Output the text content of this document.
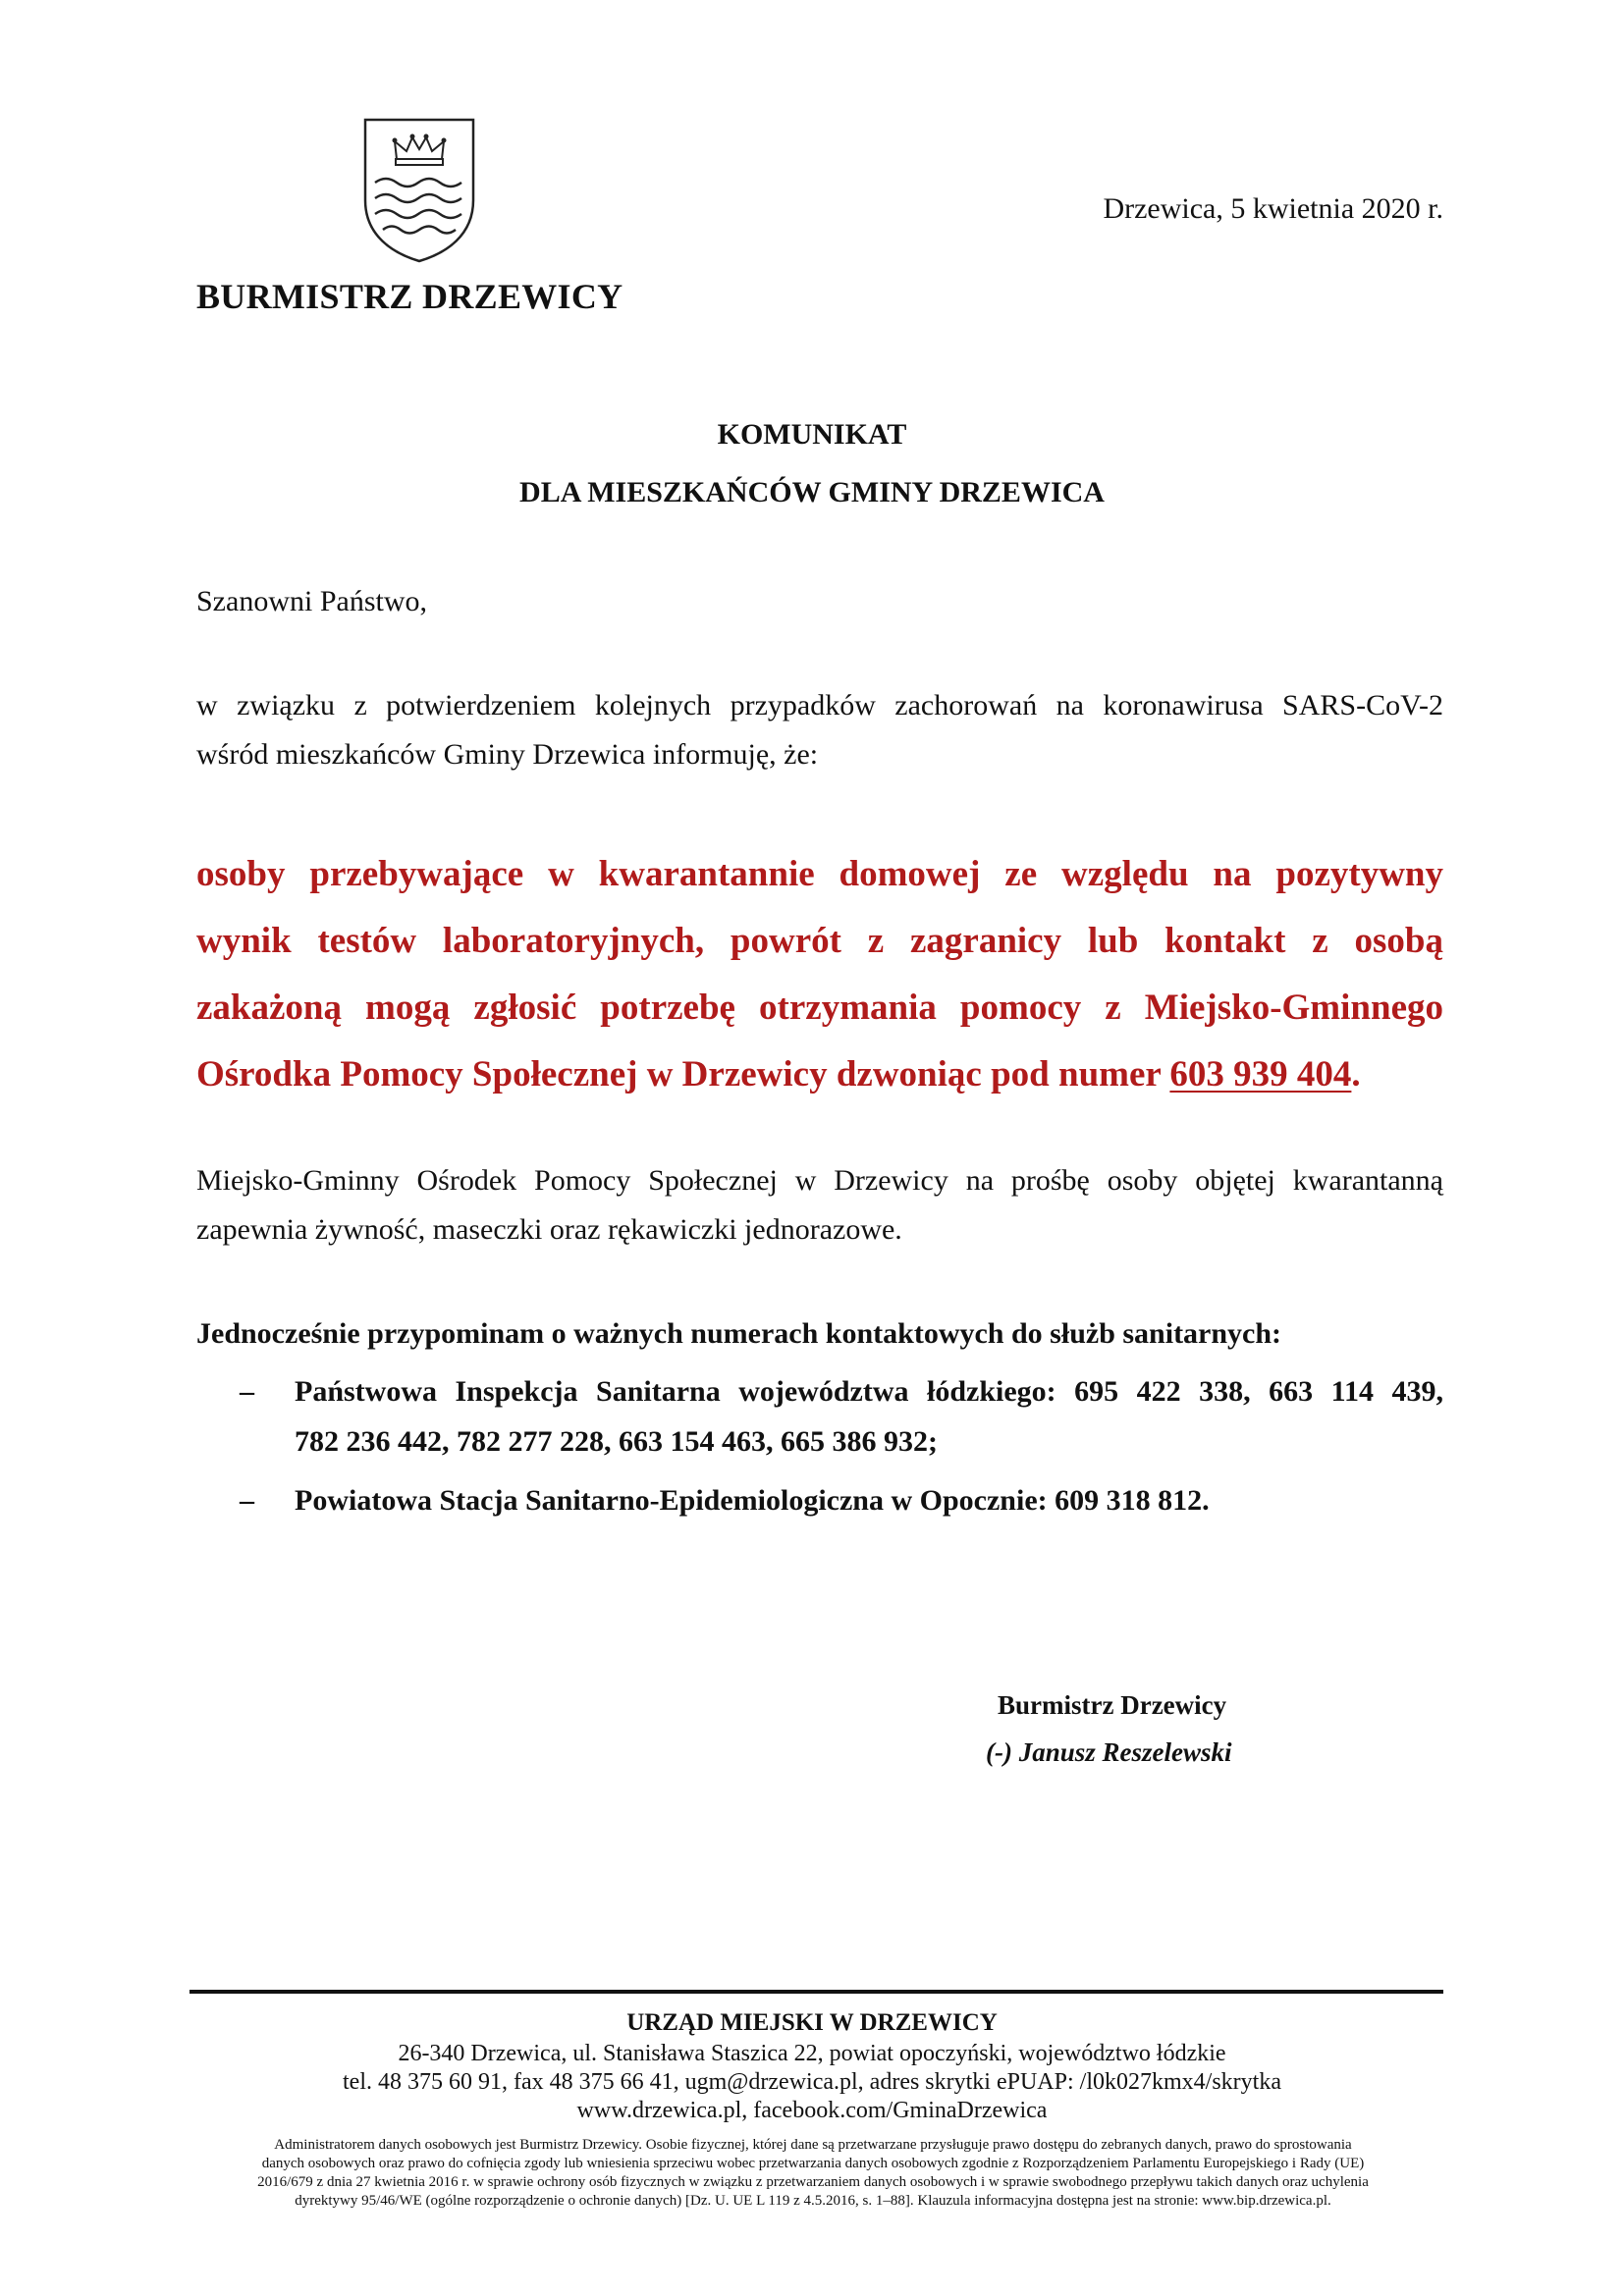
Drzewica, 5 kwietnia 2020 r.
BURMISTRZ DRZEWICY
KOMUNIKAT
DLA MIESZKAŃCÓW GMINY DRZEWICA
Szanowni Państwo,
w związku z potwierdzeniem kolejnych przypadków zachorowań na koronawirusa SARS-CoV-2
wśród mieszkańców Gminy Drzewica informuję, że:
osoby przebywające w kwarantannie domowej ze względu na pozytywny
wynik testów laboratoryjnych, powrót z zagranicy lub kontakt z osobą
zakażoną mogą zgłosić potrzebę otrzymania pomocy z Miejsko-Gminnego
Ośrodka Pomocy Społecznej w Drzewicy dzwoniąc pod numer 603 939 404.
Miejsko-Gminny Ośrodek Pomocy Społecznej w Drzewicy na prośbę osoby objętej kwarantanną
zapewnia żywność, maseczki oraz rękawiczki jednorazowe.
Jednocześnie przypominam o ważnych numerach kontaktowych do służb sanitarnych:
– Państwowa Inspekcja Sanitarna województwa łódzkiego: 695 422 338, 663 114 439,
782 236 442, 782 277 228, 663 154 463, 665 386 932;
– Powiatowa Stacja Sanitarno-Epidemiologiczna w Opocznie: 609 318 812.
Burmistrz Drzewicy
(-) Janusz Reszelewski
URZĄD MIEJSKI W DRZEWICY
26-340 Drzewica, ul. Stanisława Staszica 22, powiat opoczyński, województwo łódzkie
tel. 48 375 60 91, fax 48 375 66 41, ugm@drzewica.pl, adres skrytki ePUAP: /l0k027kmx4/skrytka
www.drzewica.pl, facebook.com/GminaDrzewica
Administratorem danych osobowych jest Burmistrz Drzewicy. Osobie fizycznej, której dane są przetwarzane przysługuje prawo dostępu do zebranych danych, prawo do sprostowania
danych osobowych oraz prawo do cofnięcia zgody lub wniesienia sprzeciwu wobec przetwarzania danych osobowych zgodnie z Rozporządzeniem Parlamentu Europejskiego i Rady (UE)
2016/679 z dnia 27 kwietnia 2016 r. w sprawie ochrony osób fizycznych w związku z przetwarzaniem danych osobowych i w sprawie swobodnego przepływu takich danych oraz uchylenia
dyrektywy 95/46/WE (ogólne rozporządzenie o ochronie danych) [Dz. U. UE L 119 z 4.5.2016, s. 1–88]. Klauzula informacyjna dostępna jest na stronie: www.bip.drzewica.pl.
